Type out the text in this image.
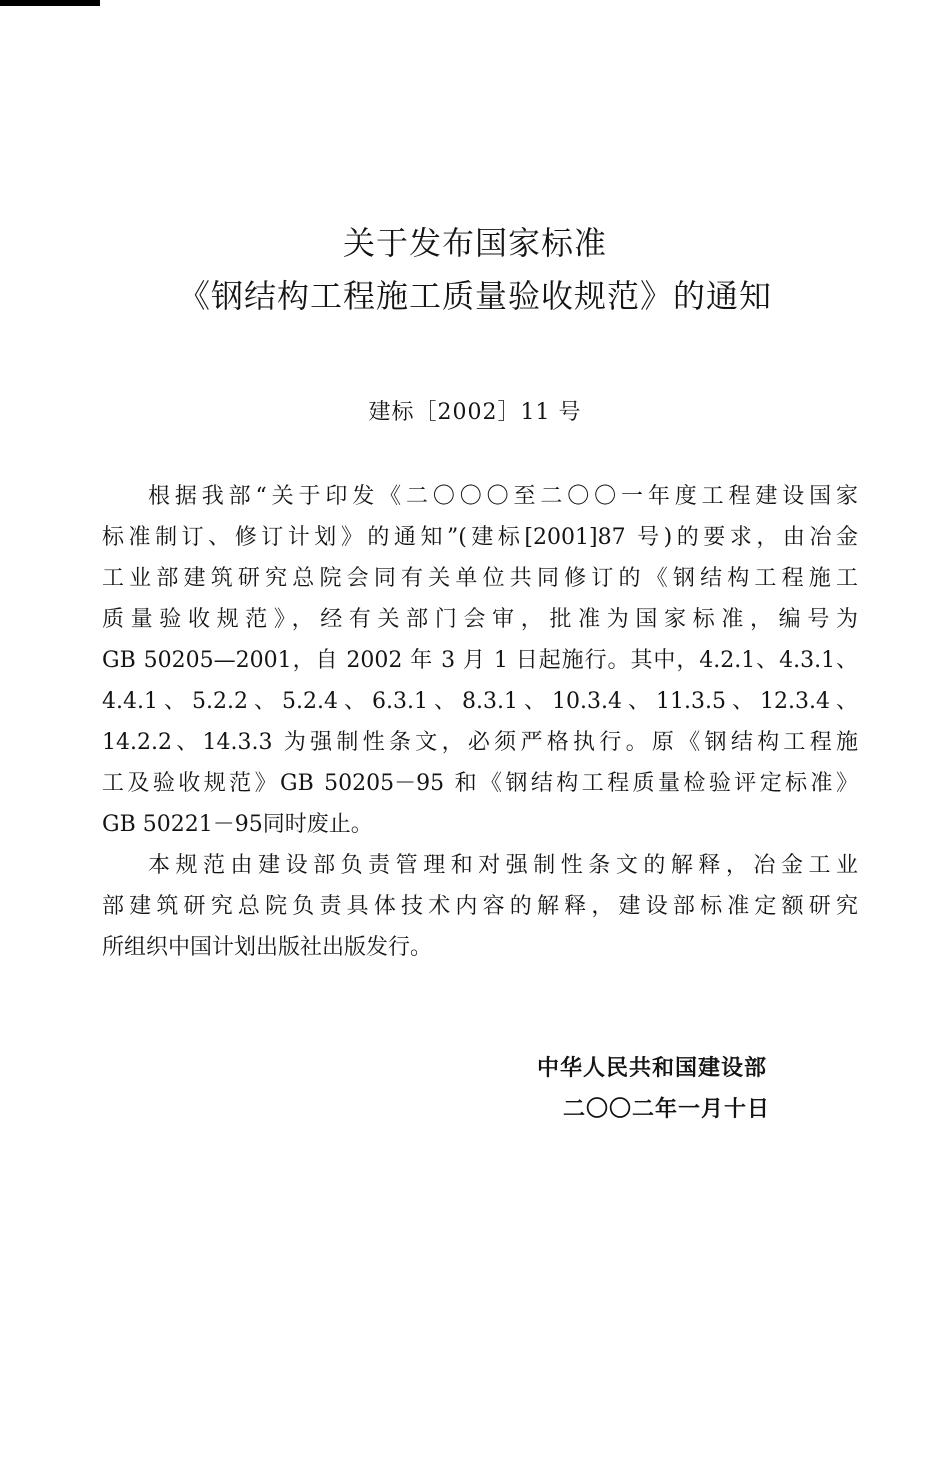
关于发布国家标准
《钢结构工程施工质量验收规范》的通知
建标［2002］11 号
根据我部“关于印发《二〇〇〇至二〇〇一年度工程建设国家
标准制订、修订计划》的通知”(建标[2001]87 号)的要求，由冶金
工业部建筑研究总院会同有关单位共同修订的《钢结构工程施工
质量验收规范》，经有关部门会审，批准为国家标准，编号为
GB 50205—2001，自 2002 年 3 月 1 日起施行。其中，4.2.1、4.3.1、
4.4.1、5.2.2、5.2.4、6.3.1、8.3.1、10.3.4、11.3.5、12.3.4、
14.2.2、14.3.3 为强制性条文，必须严格执行。原《钢结构工程施
工及验收规范》GB 50205－95 和《钢结构工程质量检验评定标准》
GB 50221－95同时废止。
本规范由建设部负责管理和对强制性条文的解释，冶金工业
部建筑研究总院负责具体技术内容的解释，建设部标准定额研究
所组织中国计划出版社出版发行。
中华人民共和国建设部
二〇〇二年一月十日
